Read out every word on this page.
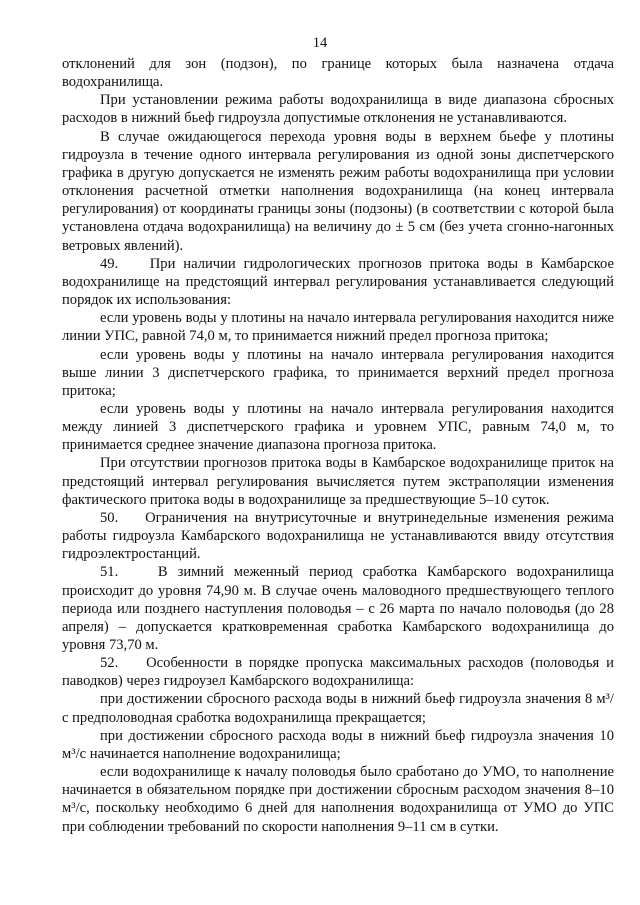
14

отклонений для зон (подзон), по границе которых была назначена отдача водохранилища.

При установлении режима работы водохранилища в виде диапазона сбросных расходов в нижний бьеф гидроузла допустимые отклонения не устанавливаются.

В случае ожидающегося перехода уровня воды в верхнем бьефе у плотины гидроузла в течение одного интервала регулирования из одной зоны диспетчерского графика в другую допускается не изменять режим работы водохранилища при условии отклонения расчетной отметки наполнения водохранилища (на конец интервала регулирования) от координаты границы зоны (подзоны) (в соответствии с которой была установлена отдача водохранилища) на величину до ± 5 см (без учета сгонно-нагонных ветровых явлений).

49.    При наличии гидрологических прогнозов притока воды в Камбарское водохранилище на предстоящий интервал регулирования устанавливается следующий порядок их использования:

если уровень воды у плотины на начало интервала регулирования находится ниже линии УПС, равной 74,0 м, то принимается нижний предел прогноза притока;

если уровень воды у плотины на начало интервала регулирования находится выше линии 3 диспетчерского графика, то принимается верхний предел прогноза притока;

если уровень воды у плотины на начало интервала регулирования находится между линией 3 диспетчерского графика и уровнем УПС, равным 74,0 м, то принимается среднее значение диапазона прогноза притока.

При отсутствии прогнозов притока воды в Камбарское водохранилище приток на предстоящий интервал регулирования вычисляется путем экстраполяции изменения фактического притока воды в водохранилище за предшествующие 5–10 суток.

50.    Ограничения на внутрисуточные и внутринедельные изменения режима работы гидроузла Камбарского водохранилища не устанавливаются ввиду отсутствия гидроэлектростанций.

51.    В зимний меженный период сработка Камбарского водохранилища происходит до уровня 74,90 м. В случае очень маловодного предшествующего теплого периода или позднего наступления половодья – с 26 марта по начало половодья (до 28 апреля) – допускается кратковременная сработка Камбарского водохранилища до уровня 73,70 м.

52.    Особенности в порядке пропуска максимальных расходов (половодья и паводков) через гидроузел Камбарского водохранилища:

при достижении сбросного расхода воды в нижний бьеф гидроузла значения 8 м³/с предполоводная сработка водохранилища прекращается;

при достижении сбросного расхода воды в нижний бьеф гидроузла значения 10 м³/с начинается наполнение водохранилища;

если водохранилище к началу половодья было сработано до УМО, то наполнение начинается в обязательном порядке при достижении сбросным расходом значения 8–10 м³/с, поскольку необходимо 6 дней для наполнения водохранилища от УМО до УПС при соблюдении требований по скорости наполнения 9–11 см в сутки.
